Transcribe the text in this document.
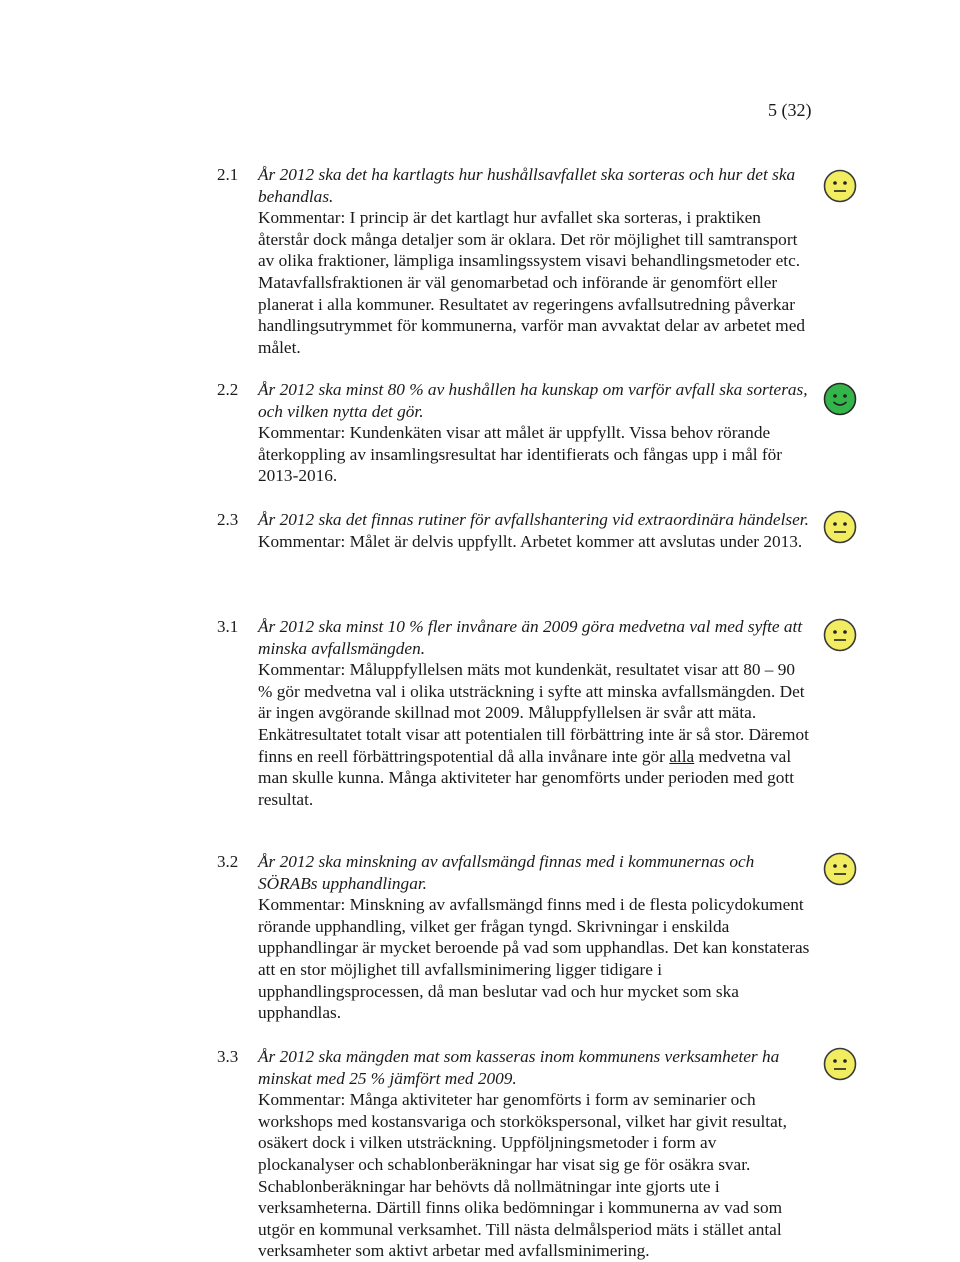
5 (32)
2.1 År 2012 ska det ha kartlagts hur hushållsavfallet ska sorteras och hur det ska behandlas.

Kommentar: I princip är det kartlagt hur avfallet ska sorteras, i praktiken återstår dock många detaljer som är oklara. Det rör möjlighet till samtransport av olika fraktioner, lämpliga insamlingssystem visavi behandlingsmetoder etc. Matavfallsfraktionen är väl genomarbetad och införande är genomfört eller planerat i alla kommuner. Resultatet av regeringens avfallsutredning påverkar handlingsutrymmet för kommunerna, varför man avvaktat delar av arbetet med målet.

2.2 År 2012 ska minst 80 % av hushållen ha kunskap om varför avfall ska sorteras, och vilken nytta det gör.

Kommentar: Kundenkäten visar att målet är uppfyllt. Vissa behov rörande återkoppling av insamlingsresultat har identifierats och fångas upp i mål för 2013-2016.

2.3 År 2012 ska det finnas rutiner för avfallshantering vid extraordinära händelser.

Kommentar: Målet är delvis uppfyllt. Arbetet kommer att avslutas under 2013.

3.1 År 2012 ska minst 10 % fler invånare än 2009 göra medvetna val med syfte att minska avfallsmängden.

Kommentar: Måluppfyllelsen mäts mot kundenkät, resultatet visar att 80 – 90 % gör medvetna val i olika utsträckning i syfte att minska avfallsmängden. Det är ingen avgörande skillnad mot 2009. Måluppfyllelsen är svår att mäta. Enkätresultatet totalt visar att potentialen till förbättring inte är så stor. Däremot finns en reell förbättringspotential då alla invånare inte gör alla medvetna val man skulle kunna. Många aktiviteter har genomförts under perioden med gott resultat.

3.2 År 2012 ska minskning av avfallsmängd finnas med i kommunernas och SÖRABs upphandlingar.

Kommentar: Minskning av avfallsmängd finns med i de flesta policydokument rörande upphandling, vilket ger frågan tyngd. Skrivningar i enskilda upphandlingar är mycket beroende på vad som upphandlas. Det kan konstateras att en stor möjlighet till avfallsminimering ligger tidigare i upphandlingsprocessen, då man beslutar vad och hur mycket som ska upphandlas.

3.3 År 2012 ska mängden mat som kasseras inom kommunens verksamheter ha minskat med 25 % jämfört med 2009.

Kommentar: Många aktiviteter har genomförts i form av seminarier och workshops med kostansvariga och storkökspersonal, vilket har givit resultat, osäkert dock i vilken utsträckning. Uppföljningsmetoder i form av plockanalyser och schablonberäkningar har visat sig ge för osäkra svar. Schablonberäkningar har behövts då nollmätningar inte gjorts ute i verksamheterna. Därtill finns olika bedömningar i kommunerna av vad som utgör en kommunal verksamhet. Till nästa delmålsperiod mäts i stället antal verksamheter som aktivt arbetar med avfallsminimering.
